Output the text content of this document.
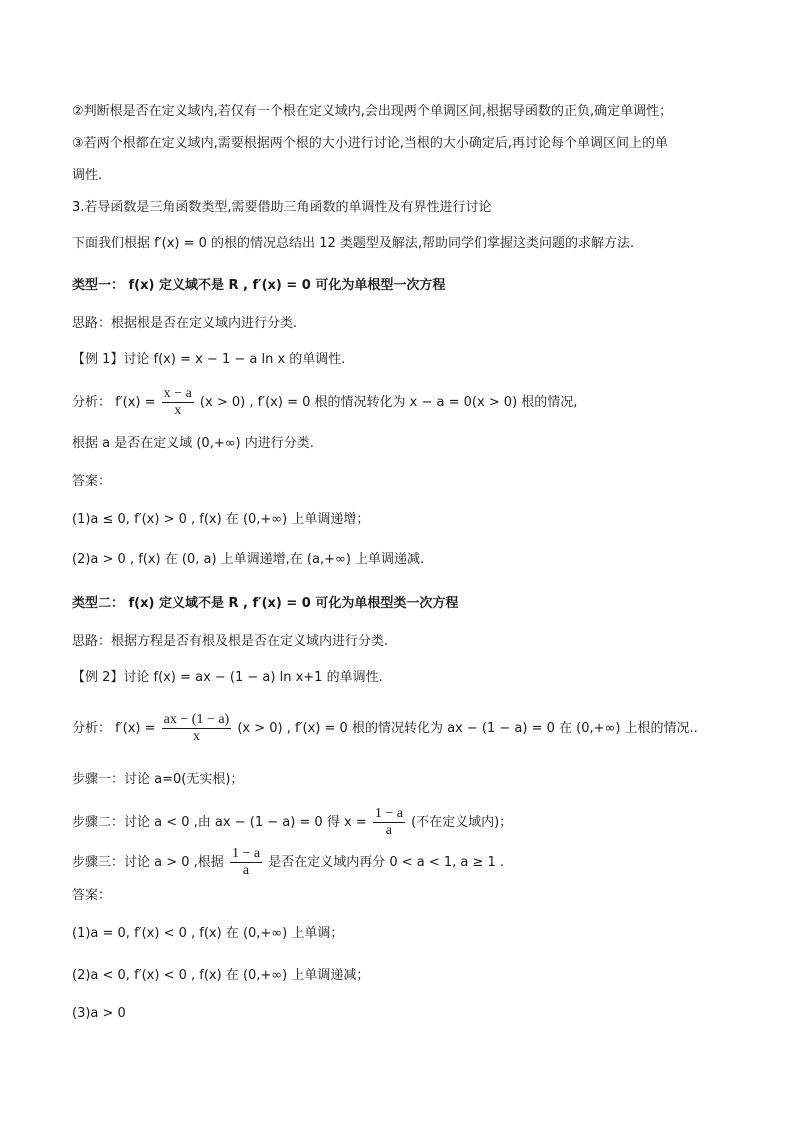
②判断根是否在定义域内,若仅有一个根在定义域内,会出现两个单调区间,根据导函数的正负,确定单调性；
③若两个根都在定义域内,需要根据两个根的大小进行讨论,当根的大小确定后,再讨论每个单调区间上的单
调性.
3.若导函数是三角函数类型,需要借助三角函数的单调性及有界性进行讨论
下面我们根据 f′(x) = 0 的根的情况总结出 12 类题型及解法,帮助同学们掌握这类问题的求解方法.
类型一： f(x) 定义域不是 R , f′(x) = 0 可化为单根型一次方程
思路：根据根是否在定义域内进行分类.
【例 1】讨论 f(x) = x − 1 − a ln x 的单调性.
分析： $f'(x) = \frac{x - a}{x} (x > 0)$ , f′(x) = 0 根的情况转化为 x − a = 0(x > 0) 根的情况,
根据 a 是否在定义域 (0,+∞) 内进行分类.
答案：
(1)a ≤ 0, f′(x) > 0 , f(x) 在 (0,+∞) 上单调递增；
(2)a > 0 , f(x) 在 (0, a) 上单调递增,在 (a,+∞) 上单调递减.
类型二： f(x) 定义域不是 R , f′(x) = 0 可化为单根型类一次方程
思路：根据方程是否有根及根是否在定义域内进行分类.
【例 2】讨论 f(x) = ax − (1 − a) ln x+1 的单调性.
分析： $f'(x) = \frac{ax - (1 - a)}{x} (x > 0)$ , f′(x) = 0 根的情况转化为 ax − (1 − a) = 0 在 (0,+∞) 上根的情况..
步骤一：讨论 a=0(无实根)；
步骤二：讨论 a < 0 ,由 ax − (1 − a) = 0 得 $x = \frac{1 - a}{a}$ (不在定义域内)；
步骤三：讨论 a > 0 ,根据 $\frac{1 - a}{a}$ 是否在定义域内再分 0 < a < 1, a ≥ 1 .
答案：
(1)a = 0, f′(x) < 0 , f(x) 在 (0,+∞) 上单调；
(2)a < 0, f′(x) < 0 , f(x) 在 (0,+∞) 上单调递减；
(3)a > 0
